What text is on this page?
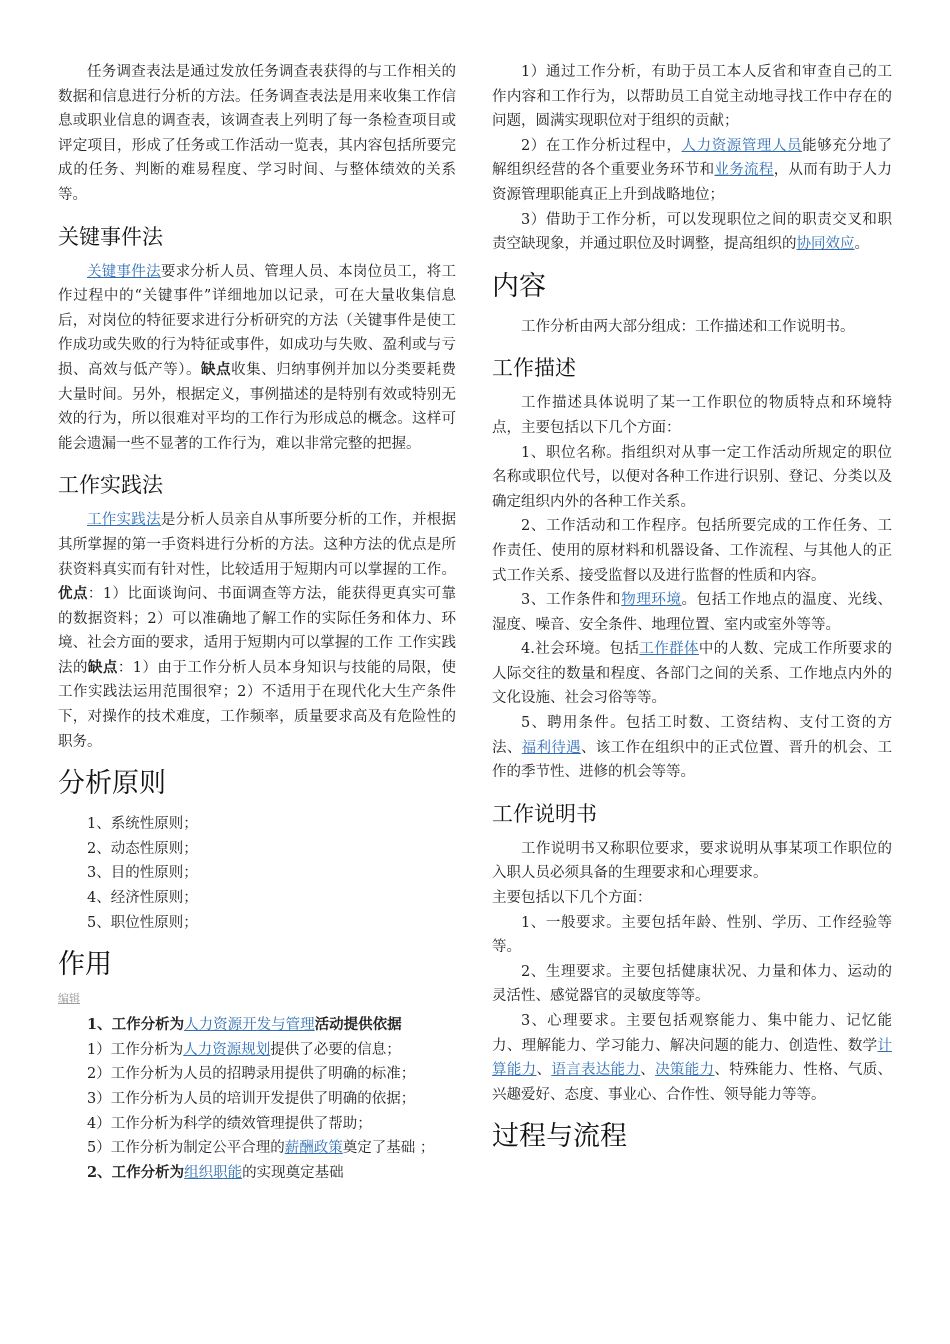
任务调查表法是通过发放任务调查表获得的与工作相关的数据和信息进行分析的方法。任务调查表法是用来收集工作信息或职业信息的调查表，该调查表上列明了每一条检查项目或评定项目，形成了任务或工作活动一览表，其内容包括所要完成的任务、判断的难易程度、学习时间、与整体绩效的关系等。

关键事件法

关键事件法要求分析人员、管理人员、本岗位员工，将工作过程中的“关键事件”详细地加以记录，可在大量收集信息后，对岗位的特征要求进行分析研究的方法（关键事件是使工作成功或失败的行为特征或事件，如成功与失败、盈利或与亏损、高效与低产等）。缺点收集、归纳事例并加以分类要耗费大量时间。另外，根据定义，事例描述的是特别有效或特别无效的行为，所以很难对平均的工作行为形成总的概念。这样可能会遗漏一些不显著的工作行为，难以非常完整的把握。

工作实践法

工作实践法是分析人员亲自从事所要分析的工作，并根据其所掌握的第一手资料进行分析的方法。这种方法的优点是所获资料真实而有针对性，比较适用于短期内可以掌握的工作。优点：1）比面谈询问、书面调查等方法，能获得更真实可靠的数据资料；2）可以准确地了解工作的实际任务和体力、环境、社会方面的要求，适用于短期内可以掌握的工作 工作实践法的缺点：1）由于工作分析人员本身知识与技能的局限，使工作实践法运用范围很窄；2）不适用于在现代化大生产条件下，对操作的技术难度，工作频率，质量要求高及有危险性的职务。

分析原则

1、系统性原则；

2、动态性原则；

3、目的性原则；

4、经济性原则；

5、职位性原则；

作用
编辑

1、工作分析为人力资源开发与管理活动提供依据

1）工作分析为人力资源规划提供了必要的信息；

2）工作分析为人员的招聘录用提供了明确的标准；

3）工作分析为人员的培训开发提供了明确的依据；

4）工作分析为科学的绩效管理提供了帮助；

5）工作分析为制定公平合理的薪酬政策奠定了基础 ；

2、工作分析为组织职能的实现奠定基础

1）通过工作分析，有助于员工本人反省和审查自己的工作内容和工作行为，以帮助员工自觉主动地寻找工作中存在的问题，圆满实现职位对于组织的贡献；

2）在工作分析过程中，人力资源管理人员能够充分地了解组织经营的各个重要业务环节和业务流程，从而有助于人力资源管理职能真正上升到战略地位；

3）借助于工作分析，可以发现职位之间的职责交叉和职责空缺现象，并通过职位及时调整，提高组织的协同效应。

内容

工作分析由两大部分组成：工作描述和工作说明书。

工作描述

工作描述具体说明了某一工作职位的物质特点和环境特点，主要包括以下几个方面：

1、职位名称。指组织对从事一定工作活动所规定的职位名称或职位代号，以便对各种工作进行识别、登记、分类以及确定组织内外的各种工作关系。

2、工作活动和工作程序。包括所要完成的工作任务、工作责任、使用的原材料和机器设备、工作流程、与其他人的正式工作关系、接受监督以及进行监督的性质和内容。

3、工作条件和物理环境。包括工作地点的温度、光线、湿度、噪音、安全条件、地理位置、室内或室外等等。

4.社会环境。包括工作群体中的人数、完成工作所要求的人际交往的数量和程度、各部门之间的关系、工作地点内外的文化设施、社会习俗等等。

5、聘用条件。包括工时数、工资结构、支付工资的方法、福利待遇、该工作在组织中的正式位置、晋升的机会、工作的季节性、进修的机会等等。

工作说明书

工作说明书又称职位要求，要求说明从事某项工作职位的入职人员必须具备的生理要求和心理要求。

主要包括以下几个方面：

1、一般要求。主要包括年龄、性别、学历、工作经验等等。

2、生理要求。主要包括健康状况、力量和体力、运动的灵活性、感觉器官的灵敏度等等。

3、心理要求。主要包括观察能力、集中能力、记忆能力、理解能力、学习能力、解决问题的能力、创造性、数学计算能力、语言表达能力、决策能力、特殊能力、性格、气质、兴趣爱好、态度、事业心、合作性、领导能力等等。

过程与流程
